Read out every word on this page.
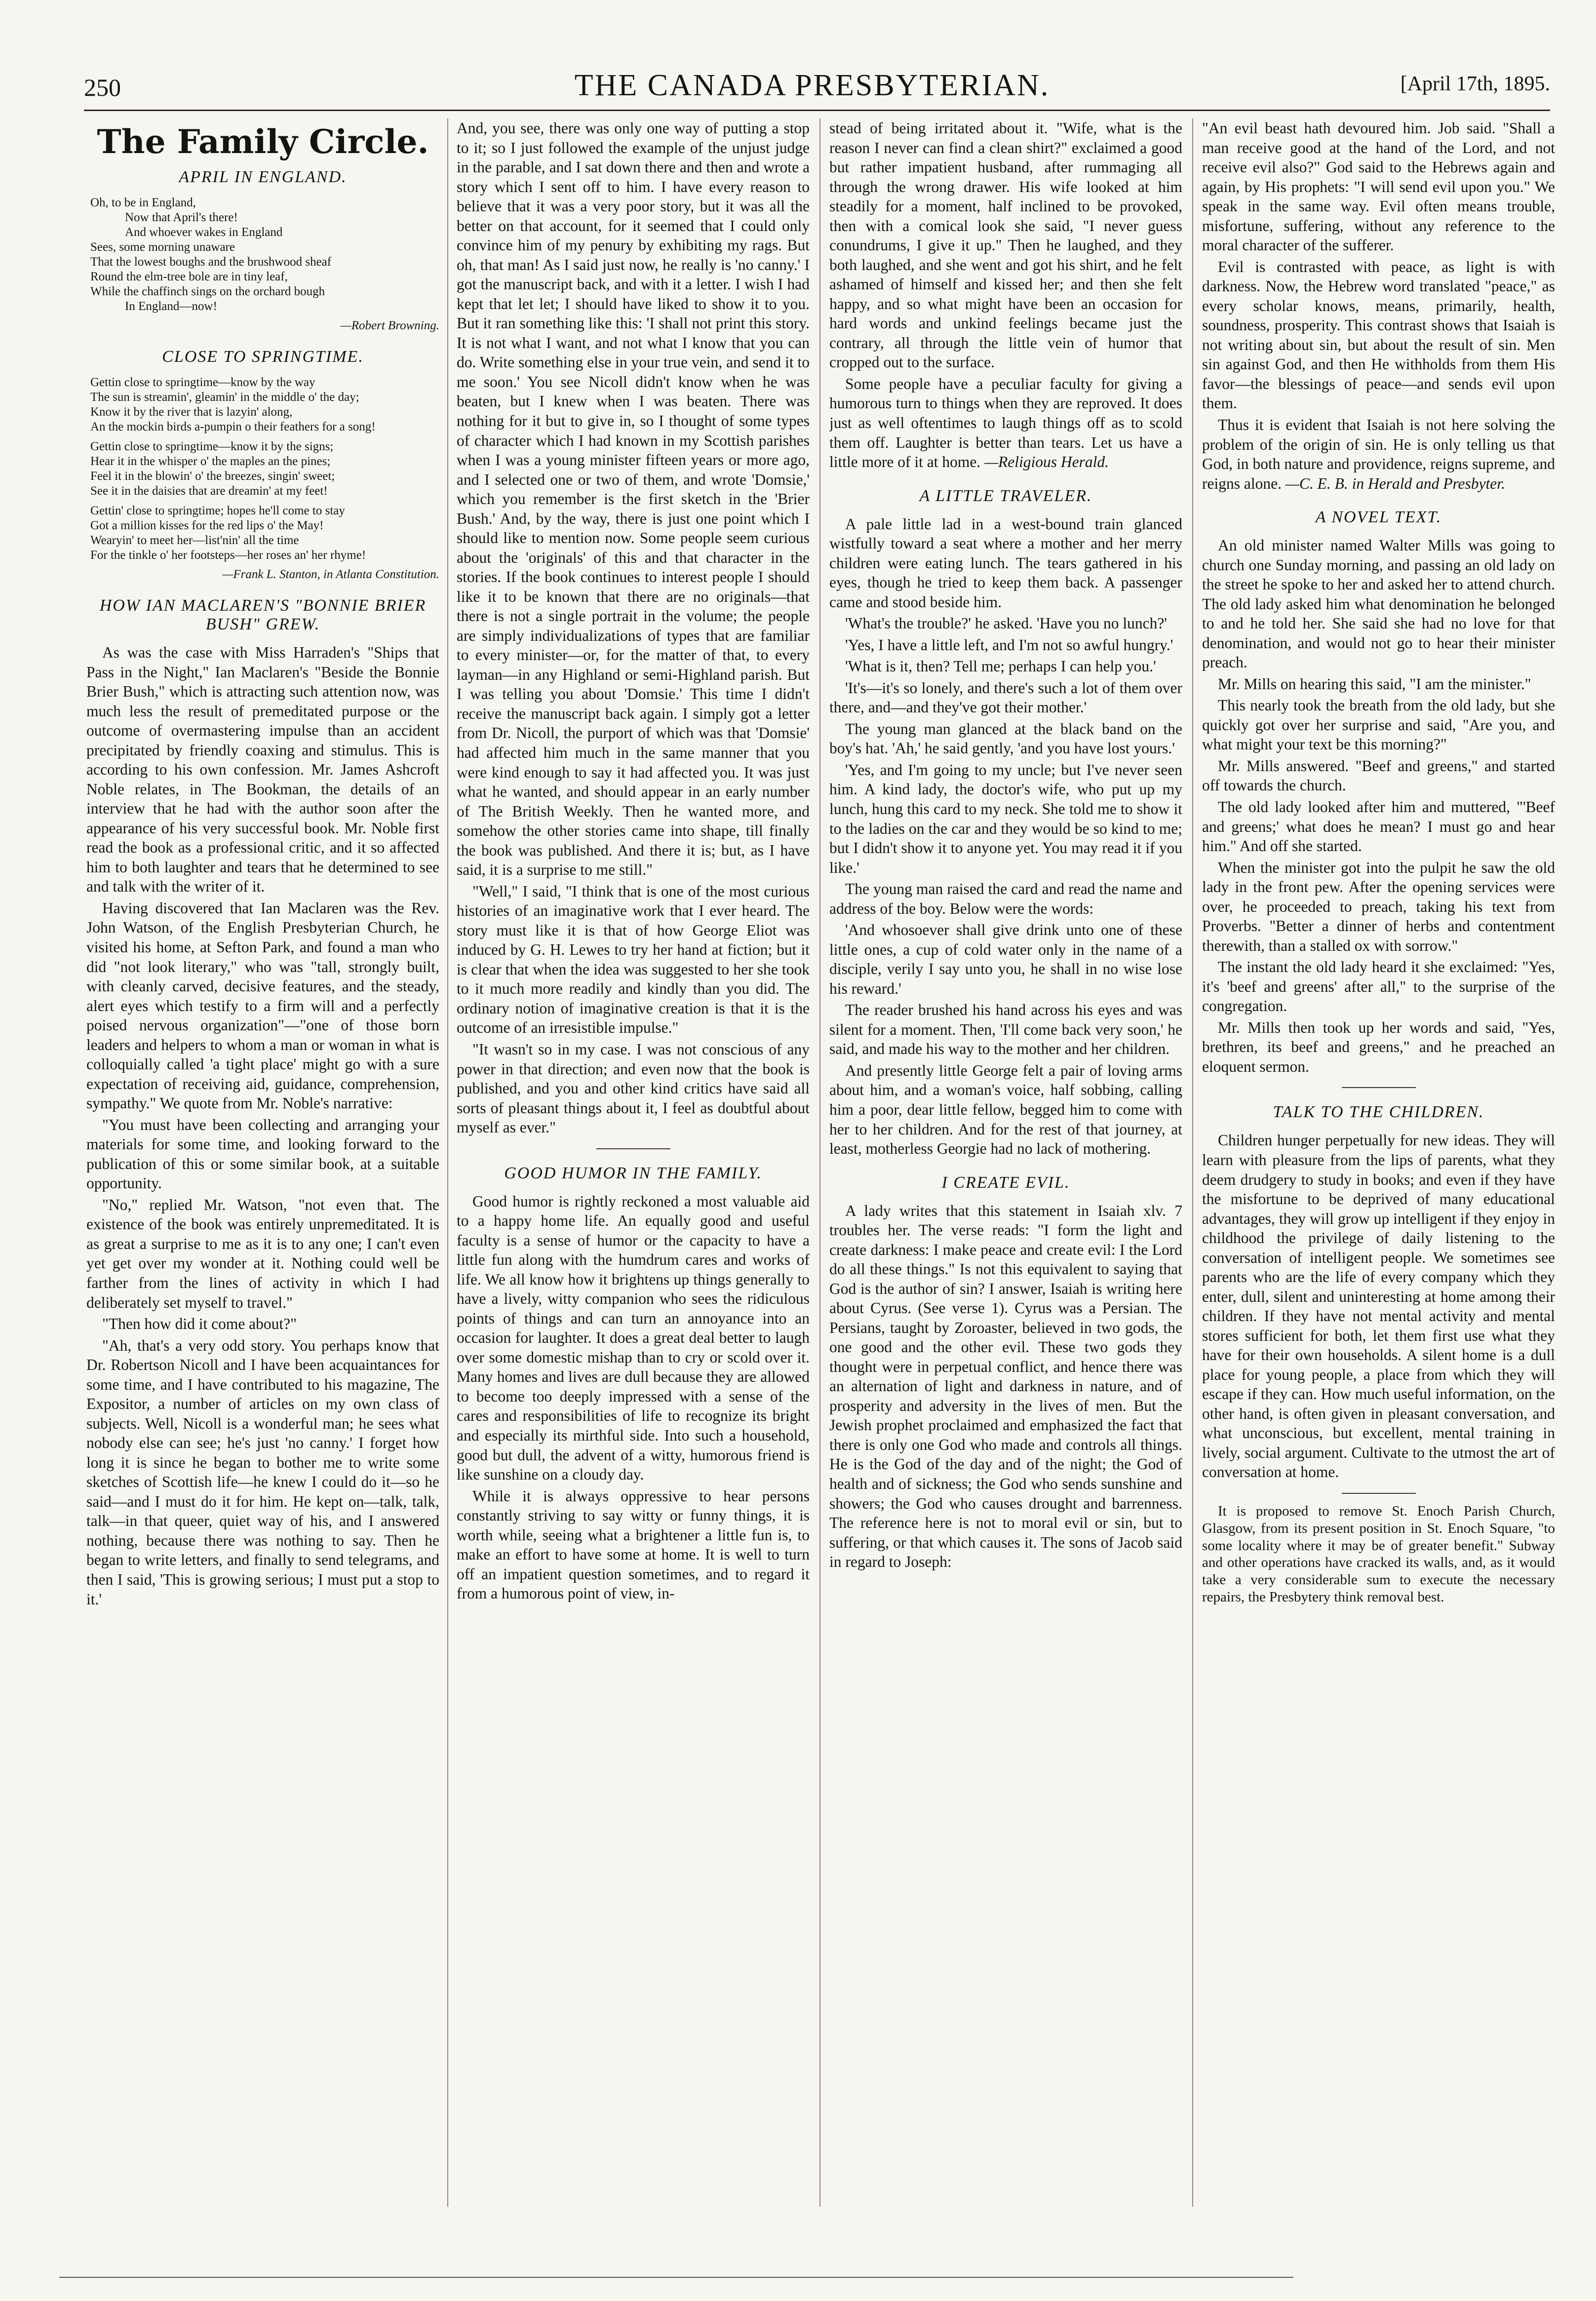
250	THE CANADA PRESBYTERIAN.	[April 17th, 1895.
The Family Circle.
APRIL IN ENGLAND.
Oh, to be in England,
Now that April's there!
And whoever wakes in England
Sees, some morning unaware
That the lowest boughs and the brushwood sheaf
Round the elm-tree bole are in tiny leaf,
While the chaffinch sings on the orchard bough
In England—now!
—Robert Browning.
CLOSE TO SPRINGTIME.
Gettin close to springtime—know by the way
The sun is streamin', gleamin' in the middle o' the day;
Know it by the river that is lazyin' along,
An the mockin birds a-pumpin o their feathers for a song!
Gettin close to springtime—know it by the signs;
Hear it in the whisper o' the maples an the pines;
Feel it in the blowin' o' the breezes, singin' sweet;
See it in the daisies that are dreamin' at my feet!
Gettin' close to springtime; hopes he'll come to stay
Got a million kisses for the red lips o' the May!
Wearyin' to meet her—list'nin' all the time
For the tinkle o' her footsteps—her roses an' her rhyme!
—Frank L. Stanton, in Atlanta Constitution.
HOW IAN MACLAREN'S "BONNIE BRIER BUSH" GREW.

As was the case with Miss Harraden's "Ships that Pass in the Night," Ian Maclaren's "Beside the Bonnie Brier Bush," which is attracting such attention now, was much less the result of premeditated purpose or the outcome of overmastering impulse than an accident precipitated by friendly coaxing and stimulus. This is according to his own confession. Mr. James Ashcroft Noble relates, in The Bookman, the details of an interview that he had with the author soon after the appearance of his very successful book. Mr. Noble first read the book as a professional critic, and it so affected him to both laughter and tears that he determined to see and talk with the writer of it.

Having discovered that Ian Maclaren was the Rev. John Watson, of the English Presbyterian Church, he visited his home, at Sefton Park, and found a man who did "not look literary," who was "tall, strongly built, with cleanly carved, decisive features, and the steady, alert eyes which testify to a firm will and a perfectly poised nervous organization"—"one of those born leaders and helpers to whom a man or woman in what is colloquially called 'a tight place' might go with a sure expectation of receiving aid, guidance, comprehension, sympathy." We quote from Mr. Noble's narrative:

"You must have been collecting and arranging your materials for some time, and looking forward to the publication of this or some similar book, at a suitable opportunity.

"No," replied Mr. Watson, "not even that. The existence of the book was entirely unpremeditated. It is as great a surprise to me as it is to any one; I can't even yet get over my wonder at it. Nothing could well be farther from the lines of activity in which I had deliberately set myself to travel."

"Then how did it come about?"

"Ah, that's a very odd story. You perhaps know that Dr. Robertson Nicoll and I have been acquaintances for some time, and I have contributed to his magazine, The Expositor, a number of articles on my own class of subjects. Well, Nicoll is a wonderful man; he sees what nobody else can see; he's just 'no canny.' I forget how long it is since he began to bother me to write some sketches of Scottish life—he knew I could do it—so he said—and I must do it for him. He kept on—talk, talk, talk—in that queer, quiet way of his, and I answered nothing, because there was nothing to say. Then he began to write letters, and finally to send telegrams, and then I said, 'This is growing serious; I must put a stop to it.'

And, you see, there was only one way of putting a stop to it; so I just followed the example of the unjust judge in the parable, and I sat down there and then and wrote a story which I sent off to him. I have every reason to believe that it was a very poor story, but it was all the better on that account, for it seemed that I could only convince him of my penury by exhibiting my rags. But oh, that man! As I said just now, he really is 'no canny.' I got the manuscript back, and with it a letter. I wish I had kept that let let; I should have liked to show it to you. But it ran something like this: 'I shall not print this story. It is not what I want, and not what I know that you can do. Write something else in your true vein, and send it to me soon.' You see Nicoll didn't know when he was beaten, but I knew when I was beaten. There was nothing for it but to give in, so I thought of some types of character which I had known in my Scottish parishes when I was a young minister fifteen years or more ago, and I selected one or two of them, and wrote 'Domsie,' which you remember is the first sketch in the 'Brier Bush.' And, by the way, there is just one point which I should like to mention now. Some people seem curious about the 'originals' of this and that character in the stories. If the book continues to interest people I should like it to be known that there are no originals—that there is not a single portrait in the volume; the people are simply individualizations of types that are familiar to every minister—or, for the matter of that, to every layman—in any Highland or semi-Highland parish. But I was telling you about 'Domsie.' This time I didn't receive the manuscript back again. I simply got a letter from Dr. Nicoll, the purport of which was that 'Domsie' had affected him much in the same manner that you were kind enough to say it had affected you. It was just what he wanted, and should appear in an early number of The British Weekly. Then he wanted more, and somehow the other stories came into shape, till finally the book was published. And there it is; but, as I have said, it is a surprise to me still."

"Well," I said, "I think that is one of the most curious histories of an imaginative work that I ever heard. The story must like it is that of how George Eliot was induced by G. H. Lewes to try her hand at fiction; but it is clear that when the idea was suggested to her she took to it much more readily and kindly than you did. The ordinary notion of imaginative creation is that it is the outcome of an irresistible impulse."

"It wasn't so in my case. I was not conscious of any power in that direction; and even now that the book is published, and you and other kind critics have said all sorts of pleasant things about it, I feel as doubtful about myself as ever."

GOOD HUMOR IN THE FAMILY.

Good humor is rightly reckoned a most valuable aid to a happy home life. An equally good and useful faculty is a sense of humor or the capacity to have a little fun along with the humdrum cares and works of life. We all know how it brightens up things generally to have a lively, witty companion who sees the ridiculous points of things and can turn an annoyance into an occasion for laughter. It does a great deal better to laugh over some domestic mishap than to cry or scold over it. Many homes and lives are dull because they are allowed to become too deeply impressed with a sense of the cares and responsibilities of life to recognize its bright and especially its mirthful side. Into such a household, good but dull, the advent of a witty, humorous friend is like sunshine on a cloudy day.

While it is always oppressive to hear persons constantly striving to say witty or funny things, it is worth while, seeing what a brightener a little fun is, to make an effort to have some at home. It is well to turn off an impatient question sometimes, and to regard it from a humorous point of view, in-

stead of being irritated about it. "Wife, what is the reason I never can find a clean shirt?" exclaimed a good but rather impatient husband, after rummaging all through the wrong drawer. His wife looked at him steadily for a moment, half inclined to be provoked, then with a comical look she said, "I never guess conundrums, I give it up." Then he laughed, and they both laughed, and she went and got his shirt, and he felt ashamed of himself and kissed her; and then she felt happy, and so what might have been an occasion for hard words and unkind feelings became just the contrary, all through the little vein of humor that cropped out to the surface.

Some people have a peculiar faculty for giving a humorous turn to things when they are reproved. It does just as well oftentimes to laugh things off as to scold them off. Laughter is better than tears. Let us have a little more of it at home. —Religious Herald.

A LITTLE TRAVELER.

A pale little lad in a west-bound train glanced wistfully toward a seat where a mother and her merry children were eating lunch. The tears gathered in his eyes, though he tried to keep them back. A passenger came and stood beside him.

'What's the trouble?' he asked. 'Have you no lunch?'

'Yes, I have a little left, and I'm not so awful hungry.'

'What is it, then? Tell me; perhaps I can help you.'

'It's—it's so lonely, and there's such a lot of them over there, and—and they've got their mother.'

The young man glanced at the black band on the boy's hat. 'Ah,' he said gently, 'and you have lost yours.'

'Yes, and I'm going to my uncle; but I've never seen him. A kind lady, the doctor's wife, who put up my lunch, hung this card to my neck. She told me to show it to the ladies on the car and they would be so kind to me; but I didn't show it to anyone yet. You may read it if you like.'

The young man raised the card and read the name and address of the boy. Below were the words:

'And whosoever shall give drink unto one of these little ones, a cup of cold water only in the name of a disciple, verily I say unto you, he shall in no wise lose his reward.'

The reader brushed his hand across his eyes and was silent for a moment. Then, 'I'll come back very soon,' he said, and made his way to the mother and her children.

And presently little George felt a pair of loving arms about him, and a woman's voice, half sobbing, calling him a poor, dear little fellow, begged him to come with her to her children. And for the rest of that journey, at least, motherless Georgie had no lack of mothering.

I CREATE EVIL.

A lady writes that this statement in Isaiah xlv. 7 troubles her. The verse reads: "I form the light and create darkness: I make peace and create evil: I the Lord do all these things." Is not this equivalent to saying that God is the author of sin? I answer, Isaiah is writing here about Cyrus. (See verse 1). Cyrus was a Persian. The Persians, taught by Zoroaster, believed in two gods, the one good and the other evil. These two gods they thought were in perpetual conflict, and hence there was an alternation of light and darkness in nature, and of prosperity and adversity in the lives of men. But the Jewish prophet proclaimed and emphasized the fact that there is only one God who made and controls all things. He is the God of the day and of the night; the God of health and of sickness; the God who sends sunshine and showers; the God who causes drought and barrenness. The reference here is not to moral evil or sin, but to suffering, or that which causes it. The sons of Jacob said in regard to Joseph:

"An evil beast hath devoured him. Job said. "Shall a man receive good at the hand of the Lord, and not receive evil also?" God said to the Hebrews again and again, by His prophets: "I will send evil upon you." We speak in the same way. Evil often means trouble, misfortune, suffering, without any reference to the moral character of the sufferer.

Evil is contrasted with peace, as light is with darkness. Now, the Hebrew word translated "peace," as every scholar knows, means, primarily, health, soundness, prosperity. This contrast shows that Isaiah is not writing about sin, but about the result of sin. Men sin against God, and then He withholds from them His favor—the blessings of peace—and sends evil upon them.

Thus it is evident that Isaiah is not here solving the problem of the origin of sin. He is only telling us that God, in both nature and providence, reigns supreme, and reigns alone. —C. E. B. in Herald and Presbyter.

A NOVEL TEXT.

An old minister named Walter Mills was going to church one Sunday morning, and passing an old lady on the street he spoke to her and asked her to attend church. The old lady asked him what denomination he belonged to and he told her. She said she had no love for that denomination, and would not go to hear their minister preach.

Mr. Mills on hearing this said, "I am the minister."

This nearly took the breath from the old lady, but she quickly got over her surprise and said, "Are you, and what might your text be this morning?"

Mr. Mills answered. "Beef and greens," and started off towards the church.

The old lady looked after him and muttered, "'Beef and greens;' what does he mean? I must go and hear him." And off she started.

When the minister got into the pulpit he saw the old lady in the front pew. After the opening services were over, he proceeded to preach, taking his text from Proverbs. "Better a dinner of herbs and contentment therewith, than a stalled ox with sorrow."

The instant the old lady heard it she exclaimed: "Yes, it's 'beef and greens' after all," to the surprise of the congregation.

Mr. Mills then took up her words and said, "Yes, brethren, its beef and greens," and he preached an eloquent sermon.

TALK TO THE CHILDREN.

Children hunger perpetually for new ideas. They will learn with pleasure from the lips of parents, what they deem drudgery to study in books; and even if they have the misfortune to be deprived of many educational advantages, they will grow up intelligent if they enjoy in childhood the privilege of daily listening to the conversation of intelligent people. We sometimes see parents who are the life of every company which they enter, dull, silent and uninteresting at home among their children. If they have not mental activity and mental stores sufficient for both, let them first use what they have for their own households. A silent home is a dull place for young people, a place from which they will escape if they can. How much useful information, on the other hand, is often given in pleasant conversation, and what unconscious, but excellent, mental training in lively, social argument. Cultivate to the utmost the art of conversation at home.

It is proposed to remove St. Enoch Parish Church, Glasgow, from its present position in St. Enoch Square, "to some locality where it may be of greater benefit." Subway and other operations have cracked its walls, and, as it would take a very considerable sum to execute the necessary repairs, the Presbytery think removal best.
